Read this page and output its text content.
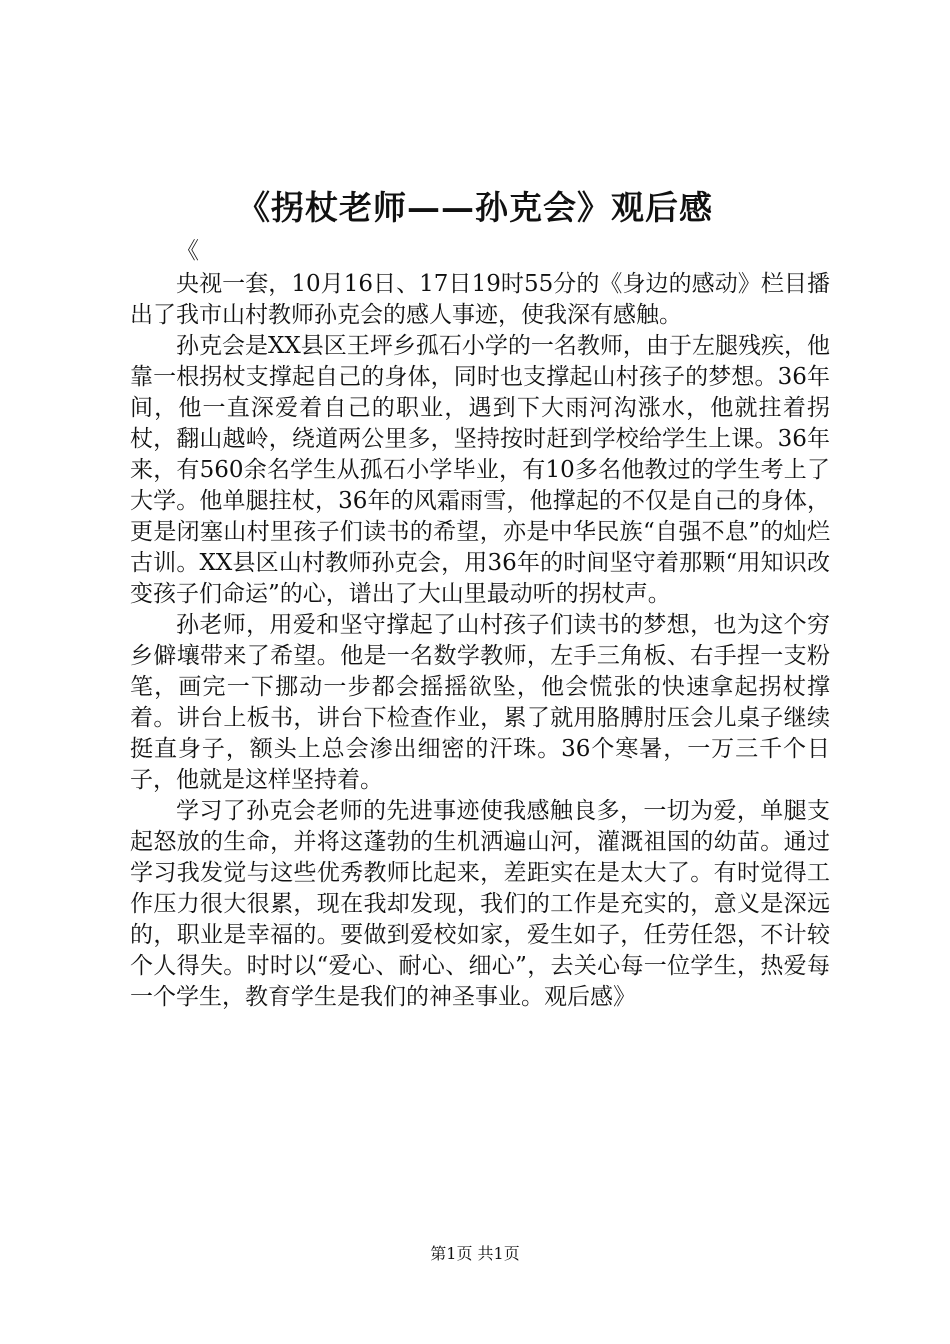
《拐杖老师——孙克会》观后感

《

央视一套，10月16日、17日19时55分的《身边的感动》栏目播出了我市山村教师孙克会的感人事迹，使我深有感触。

孙克会是XX县区王坪乡孤石小学的一名教师，由于左腿残疾，他靠一根拐杖支撑起自己的身体，同时也支撑起山村孩子的梦想。36年间，他一直深爱着自己的职业，遇到下大雨河沟涨水，他就拄着拐杖，翻山越岭，绕道两公里多，坚持按时赶到学校给学生上课。36年来，有560余名学生从孤石小学毕业，有10多名他教过的学生考上了大学。他单腿拄杖，36年的风霜雨雪，他撑起的不仅是自己的身体，更是闭塞山村里孩子们读书的希望，亦是中华民族“自强不息”的灿烂古训。XX县区山村教师孙克会，用36年的时间坚守着那颗“用知识改变孩子们命运”的心，谱出了大山里最动听的拐杖声。

孙老师，用爱和坚守撑起了山村孩子们读书的梦想，也为这个穷乡僻壤带来了希望。他是一名数学教师，左手三角板、右手捏一支粉笔，画完一下挪动一步都会摇摇欲坠，他会慌张的快速拿起拐杖撑着。讲台上板书，讲台下检查作业，累了就用胳膊肘压会儿桌子继续挺直身子，额头上总会渗出细密的汗珠。36个寒暑，一万三千个日子，他就是这样坚持着。

学习了孙克会老师的先进事迹使我感触良多，一切为爱，单腿支起怒放的生命，并将这蓬勃的生机洒遍山河，灌溉祖国的幼苗。通过学习我发觉与这些优秀教师比起来，差距实在是太大了。有时觉得工作压力很大很累，现在我却发现，我们的工作是充实的，意义是深远的，职业是幸福的。要做到爱校如家，爱生如子，任劳任怨，不计较个人得失。时时以“爱心、耐心、细心”，去关心每一位学生，热爱每一个学生，教育学生是我们的神圣事业。观后感》

第1页 共1页
